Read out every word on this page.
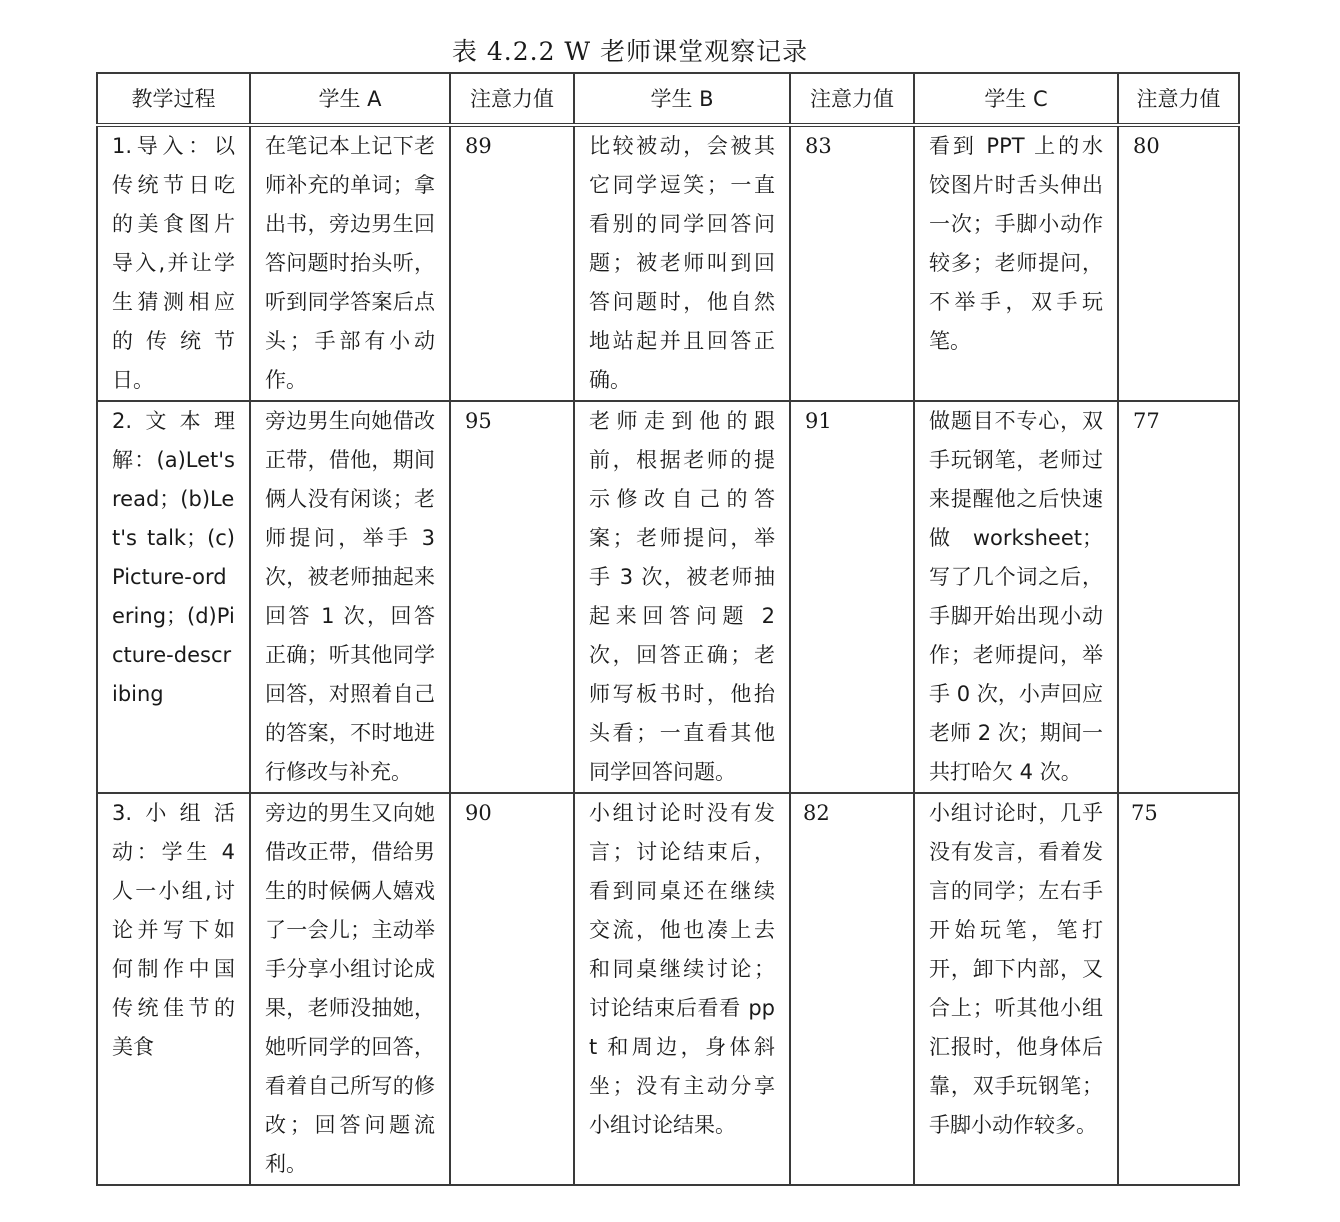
表 4.2.2 W 老师课堂观察记录
教学过程	学生 A	注意力值	学生 B	注意力值	学生 C	注意力值

1.导入：以传统节日吃的美食图片导入,并让学生猜测相应的传统节日。	在笔记本上记下老师补充的单词；拿出书，旁边男生回答问题时抬头听，听到同学答案后点头；手部有小动作。	89	比较被动，会被其它同学逗笑；一直看别的同学回答问题；被老师叫到回答问题时，他自然地站起并且回答正确。	83	看到 PPT 上的水饺图片时舌头伸出一次；手脚小动作较多；老师提问，不举手，双手玩笔。	80

2.文本理解：(a)Let's read；(b)Let's talk；(c)Picture-ordering；(d)Picture-describing	旁边男生向她借改正带，借他，期间俩人没有闲谈；老师提问，举手 3 次，被老师抽起来回答 1 次，回答正确；听其他同学回答，对照着自己的答案，不时地进行修改与补充。	95	老师走到他的跟前，根据老师的提示修改自己的答案；老师提问，举手 3 次，被老师抽起来回答问题 2 次，回答正确；老师写板书时，他抬头看；一直看其他同学回答问题。	91	做题目不专心，双手玩钢笔，老师过来提醒他之后快速做 worksheet；写了几个词之后，手脚开始出现小动作；老师提问，举手 0 次，小声回应老师 2 次；期间一共打哈欠 4 次。	77

3.小组活动：学生 4 人一小组,讨论并写下如何制作中国传统佳节的美食	旁边的男生又向她借改正带，借给男生的时候俩人嬉戏了一会儿；主动举手分享小组讨论成果，老师没抽她，她听同学的回答，看着自己所写的修改；回答问题流利。	90	小组讨论时没有发言；讨论结束后，看到同桌还在继续交流，他也凑上去和同桌继续讨论；讨论结束后看看 ppt 和周边，身体斜坐；没有主动分享小组讨论结果。	82	小组讨论时，几乎没有发言，看着发言的同学；左右手开始玩笔，笔打开，卸下内部，又合上；听其他小组汇报时，他身体后靠，双手玩钢笔；手脚小动作较多。	75
